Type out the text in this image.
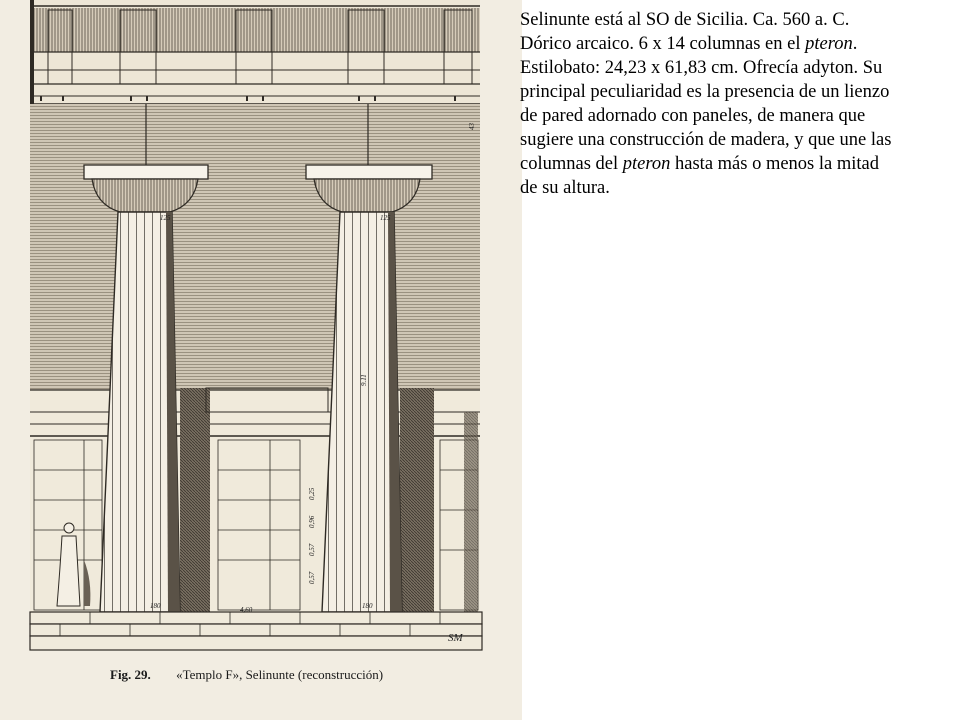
125
180
125
180
4,60
9.11
0,25
0,96
0,57
0,57
43
SM
Fig. 29. «Templo F», Selinunte (reconstrucción)

Selinunte está al SO de Sicilia. Ca. 560 a. C.
Dórico arcaico. 6 x 14 columnas en el pteron.
Estilobato: 24,23 x 61,83 cm. Ofrecía adyton. Su
principal peculiaridad es la presencia de un lienzo
de pared adornado con paneles, de manera que
sugiere una construcción de madera, y que une las
columnas del pteron hasta más o menos la mitad
de su altura.
